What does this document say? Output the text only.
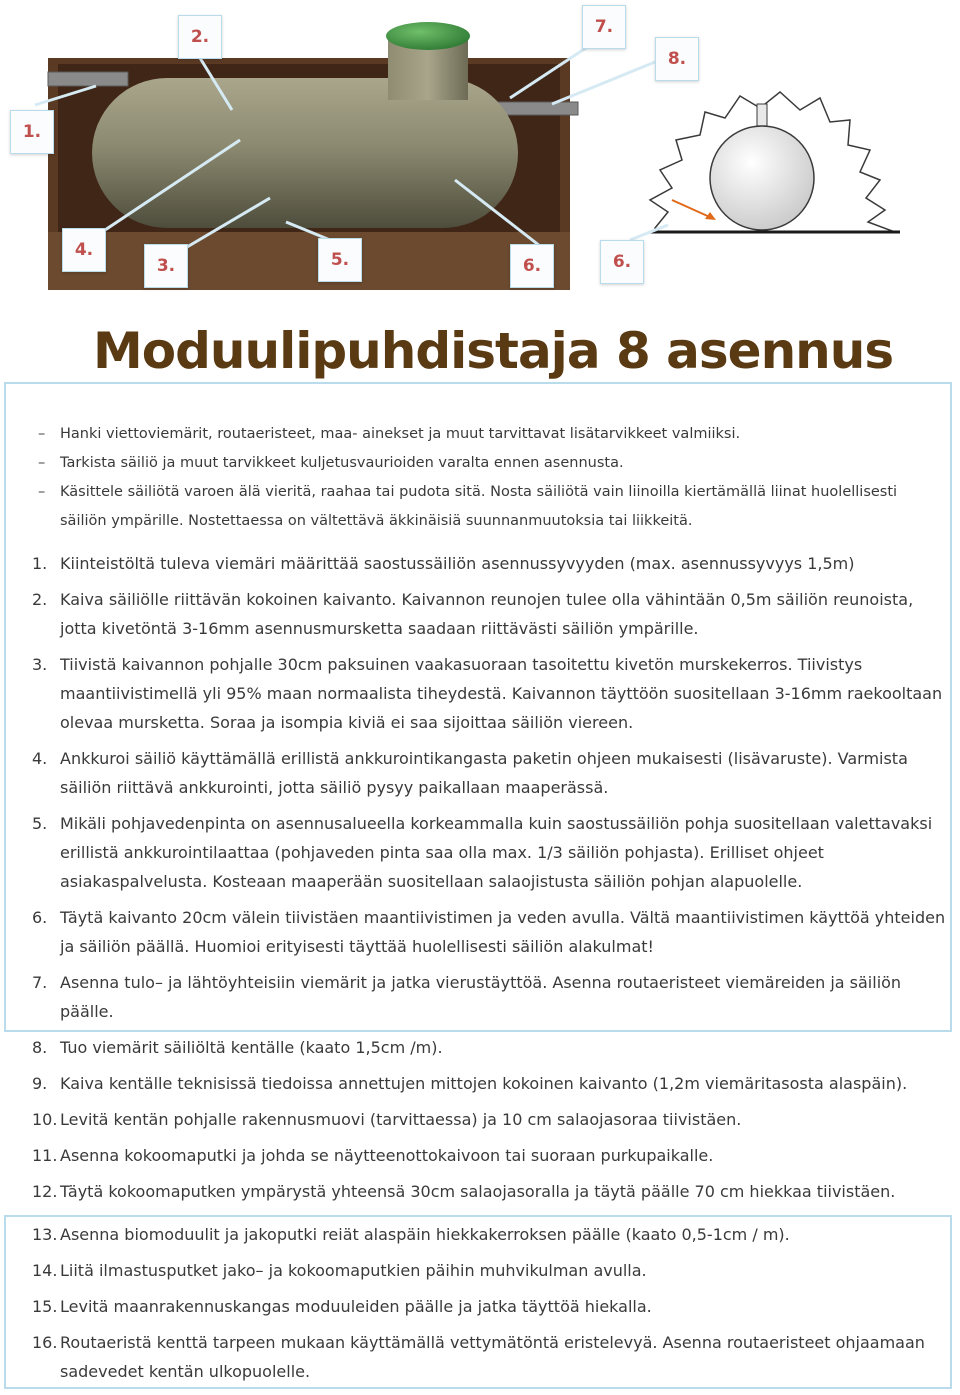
1.
2.
3.
4.	5.	6.	6.
7.
8.
Moduulipuhdistaja 8 asennus
– Hanki viettoviemärit, routaeristeet, maa- ainekset ja muut tarvittavat lisätarvikkeet valmiiksi.
– Tarkista säiliö ja muut tarvikkeet kuljetusvaurioiden varalta ennen asennusta.
– Käsittele säiliötä varoen älä vieritä, raahaa tai pudota sitä. Nosta säiliötä vain liinoilla kiertämällä liinat huolellisesti säiliön ympärille. Nostettaessa on vältettävä äkkinäisiä suunnanmuutoksia tai liikkeitä.
1. Kiinteistöltä tuleva viemäri määrittää saostussäiliön asennussyvyyden (max. asennussyvyys 1,5m)
2. Kaiva säiliölle riittävän kokoinen kaivanto. Kaivannon reunojen tulee olla vähintään 0,5m säiliön reunoista, jotta kivetöntä 3-16mm asennusmursketta saadaan riittävästi säiliön ympärille.
3. Tiivistä kaivannon pohjalle 30cm paksuinen vaakasuoraan tasoitettu kivetön murskekerros. Tiivistys maantiivistimellä yli 95% maan normaalista tiheydestä. Kaivannon täyttöön suositellaan 3-16mm raekooltaan olevaa mursketta. Soraa ja isompia kiviä ei saa sijoittaa säiliön viereen.
4. Ankkuroi säiliö käyttämällä erillistä ankkurointikangasta paketin ohjeen mukaisesti (lisävaruste). Varmista säiliön riittävä ankkurointi, jotta säiliö pysyy paikallaan maaperässä.
5. Mikäli pohjavedenpinta on asennusalueella korkeammalla kuin saostussäiliön pohja suositellaan valettavaksi erillistä ankkurointilaattaa (pohjaveden pinta saa olla max. 1/3 säiliön pohjasta). Erilliset ohjeet asiakaspalvelusta. Kosteaan maaperään suositellaan salaojistusta säiliön pohjan alapuolelle.
6. Täytä kaivanto 20cm välein tiivistäen maantiivistimen ja veden avulla. Vältä maantiivistimen käyttöä yhteiden ja säiliön päällä. Huomioi erityisesti täyttää huolellisesti säiliön alakulmat!
7. Asenna tulo– ja lähtöyhteisiin viemärit ja jatka vierustäyttöä. Asenna routaeristeet viemäreiden ja säiliön päälle.
8. Tuo viemärit säiliöltä kentälle (kaato 1,5cm /m).
9. Kaiva kentälle teknisissä tiedoissa annettujen mittojen kokoinen kaivanto (1,2m viemäritasosta alaspäin).
10. Levitä kentän pohjalle rakennusmuovi (tarvittaessa) ja 10 cm salaojasoraa tiivistäen.
11. Asenna kokoomaputki ja johda se näytteenottokaivoon tai suoraan purkupaikalle.
12. Täytä kokoomaputken ympärystä yhteensä 30cm salaojasoralla ja täytä päälle 70 cm hiekkaa tiivistäen.
13. Asenna biomoduulit ja jakoputki reiät alaspäin hiekkakerroksen päälle (kaato 0,5-1cm / m).
14. Liitä ilmastusputket jako– ja kokoomaputkien päihin muhvikulman avulla.
15. Levitä maanrakennuskangas moduuleiden päälle ja jatka täyttöä hiekalla.
16. Routaeristä kenttä tarpeen mukaan käyttämällä vettymätöntä eristelevyä. Asenna routaeristeet ohjaamaan sadevedet kentän ulkopuolelle.
